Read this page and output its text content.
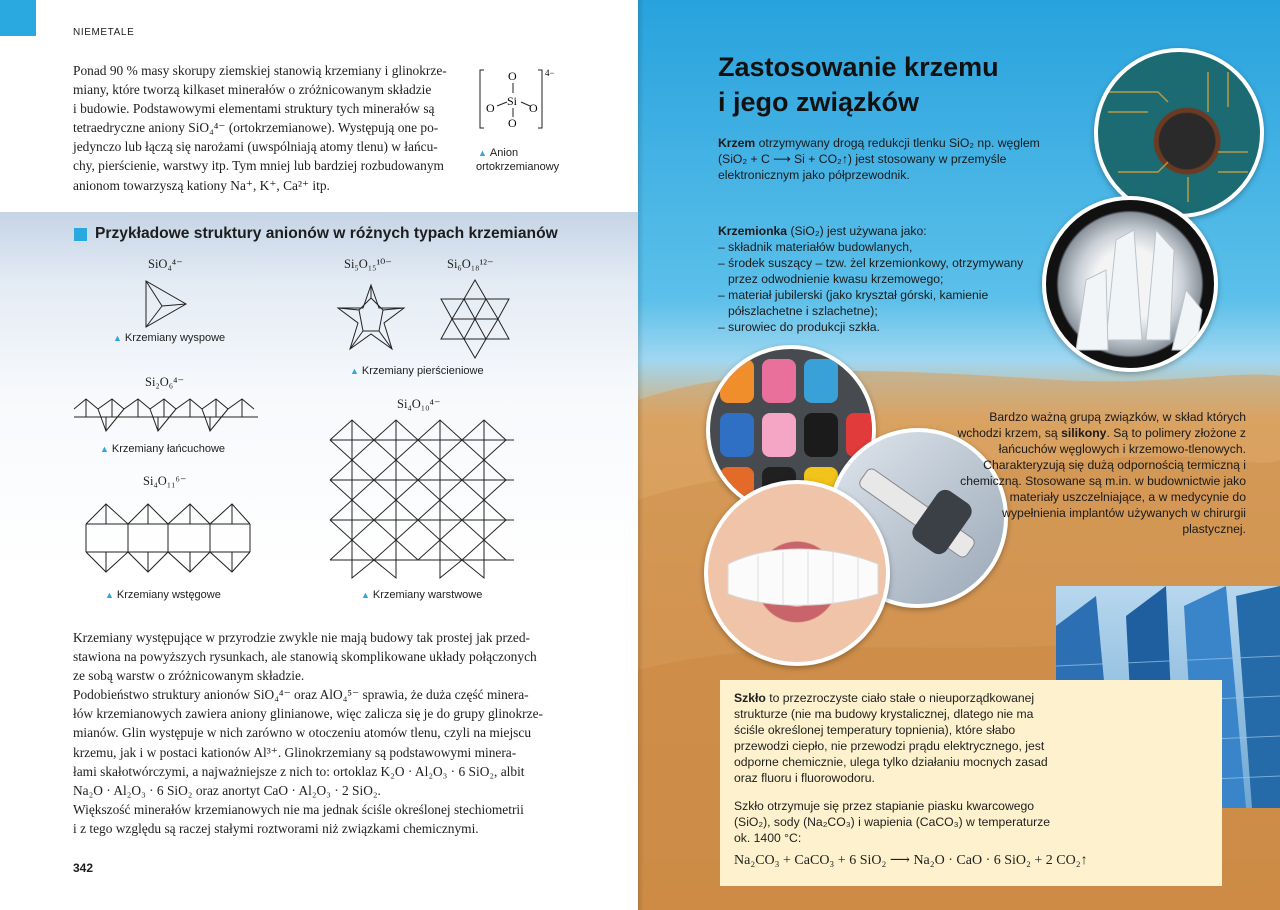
NIEMETALE

Ponad 90 % masy skorupy ziemskiej stanowią krzemiany i glinokrze-

miany, które tworzą kilkaset minerałów o zróżnicowanym składzie

i budowie. Podstawowymi elementami struktury tych minerałów są

tetraedryczne aniony SiO₄⁴⁻ (ortokrzemianowe). Występują one po-

jedynczo lub łączą się narożami (uwspólniają atomy tlenu) w łańcu-

chy, pierścienie, warstwy itp. Tym mniej lub bardziej rozbudowanym

anionom towarzyszą kationy Na⁺, K⁺, Ca²⁺ itp.

O
Si
O	O
O
4−
▲ Anion
ortokrzemianowy
Przykładowe struktury anionów w różnych typach krzemianów
SiO₄⁴⁻
▲ Krzemiany wyspowe
Si₅O₁₅¹⁰⁻	Si₆O₁₈¹²⁻
▲ Krzemiany pierścieniowe
Si₂O₆⁴⁻
▲ Krzemiany łańcuchowe
Si₄O₁₁⁶⁻
▲ Krzemiany wstęgowe
Si₄O₁₀⁴⁻
▲ Krzemiany warstwowe

Krzemiany występujące w przyrodzie zwykle nie mają budowy tak prostej jak przed-

stawiona na powyższych rysunkach, ale stanowią skomplikowane układy połączonych

ze sobą warstw o zróżnicowanym składzie.

Podobieństwo struktury anionów SiO₄⁴⁻ oraz AlO₄⁵⁻ sprawia, że duża część minera-

łów krzemianowych zawiera aniony glinianowe, więc zalicza się je do grupy glinokrze-

mianów. Glin występuje w nich zarówno w otoczeniu atomów tlenu, czyli na miejscu

krzemu, jak i w postaci kationów Al³⁺. Glinokrzemiany są podstawowymi minera-

łami skałotwórczymi, a najważniejsze z nich to: ortoklaz K₂O · Al₂O₃ · 6 SiO₂, albit

Na₂O · Al₂O₃ · 6 SiO₂ oraz anortyt CaO · Al₂O₃ · 2 SiO₂.

Większość minerałów krzemianowych nie ma jednak ściśle określonej stechiometrii

i z tego względu są raczej stałymi roztworami niż związkami chemicznymi.

342
Zastosowanie krzemu
i jego związków
Krzem otrzymywany drogą redukcji tlenku SiO₂ np. węglem
(SiO₂ + C ⟶ Si + CO₂↑) jest stosowany w przemyśle
elektronicznym jako półprzewodnik.
Krzemionka (SiO₂) jest używana jako:
– składnik materiałów budowlanych,
– środek suszący – tzw. żel krzemionkowy, otrzymywany przez odwodnienie kwasu krzemowego;
– materiał jubilerski (jako kryształ górski, kamienie półszlachetne i szlachetne);
– surowiec do produkcji szkła.
Bardzo ważną grupą związków, w skład których wchodzi krzem, są silikony. Są to polimery złożone z łańcuchów węglowych i krzemowo-tlenowych. Charakteryzują się dużą odpornością termiczną i chemiczną. Stosowane są m.in. w budownictwie jako materiały uszczelniające, a w medycynie do wypełnienia implantów używanych w chirurgii plastycznej.
Szkło to przezroczyste ciało stałe o nieuporządkowanej strukturze (nie ma budowy krystalicznej, dlatego nie ma ściśle określonej temperatury topnienia), które słabo przewodzi ciepło, nie przewodzi prądu elektrycznego, jest odporne chemicznie, ulega tylko działaniu mocnych zasad oraz fluoru i fluorowodoru.
Szkło otrzymuje się przez stapianie piasku kwarcowego (SiO₂), sody (Na₂CO₃) i wapienia (CaCO₃) w temperaturze ok. 1400 °C:
Na₂CO₃ + CaCO₃ + 6 SiO₂ ⟶ Na₂O · CaO · 6 SiO₂ + 2 CO₂↑
